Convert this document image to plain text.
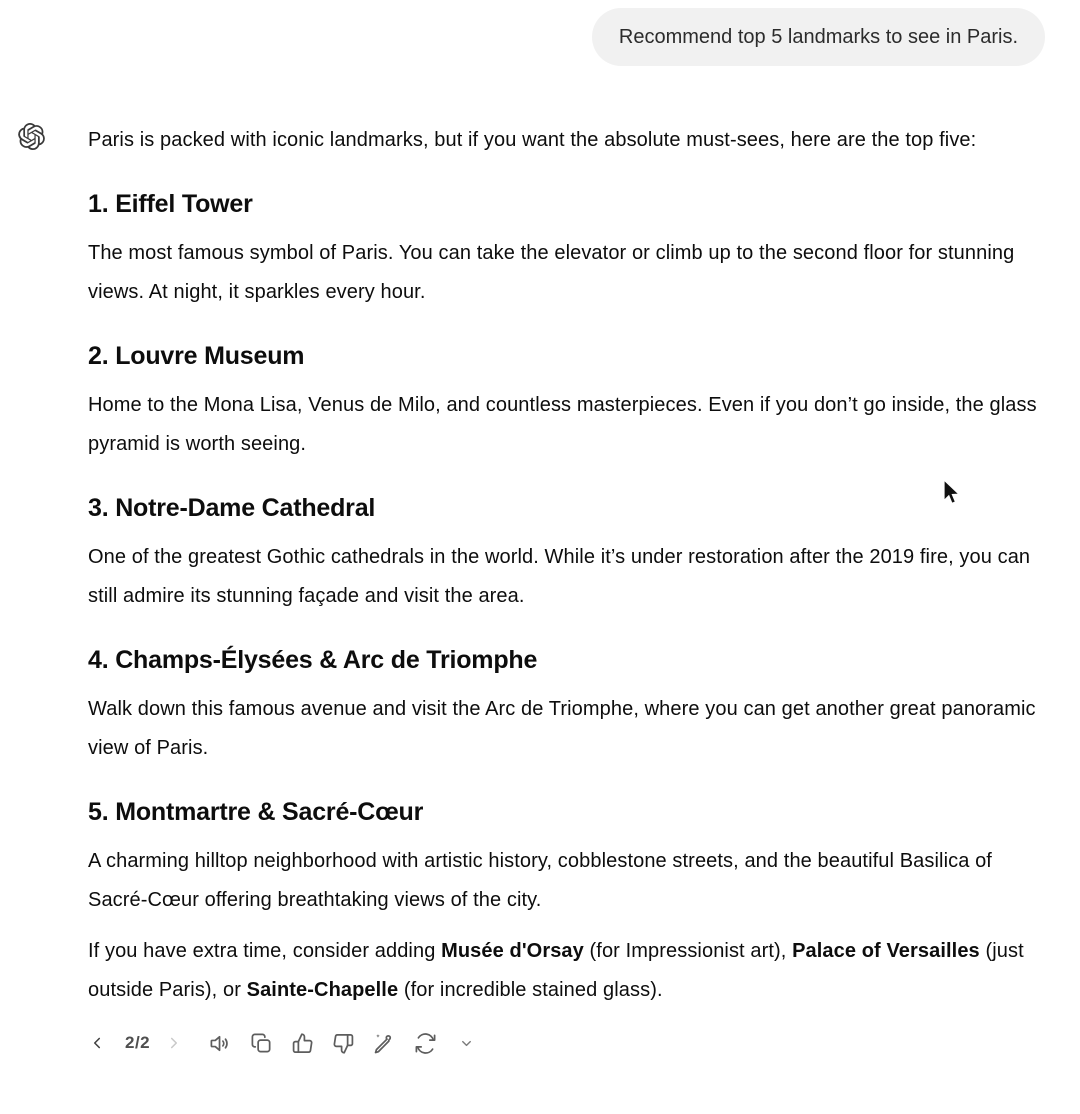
Recommend top 5 landmarks to see in Paris.

Paris is packed with iconic landmarks, but if you want the absolute must-sees, here are the top five:

1. Eiffel Tower

The most famous symbol of Paris. You can take the elevator or climb up to the second floor for stunning views. At night, it sparkles every hour.

2. Louvre Museum

Home to the Mona Lisa, Venus de Milo, and countless masterpieces. Even if you don’t go inside, the glass pyramid is worth seeing.

3. Notre-Dame Cathedral

One of the greatest Gothic cathedrals in the world. While it’s under restoration after the 2019 fire, you can still admire its stunning façade and visit the area.

4. Champs-Élysées & Arc de Triomphe

Walk down this famous avenue and visit the Arc de Triomphe, where you can get another great panoramic view of Paris.

5. Montmartre & Sacré-Cœur

A charming hilltop neighborhood with artistic history, cobblestone streets, and the beautiful Basilica of Sacré-Cœur offering breathtaking views of the city.

If you have extra time, consider adding Musée d'Orsay (for Impressionist art), Palace of Versailles (just outside Paris), or Sainte-Chapelle (for incredible stained glass).

2/2
